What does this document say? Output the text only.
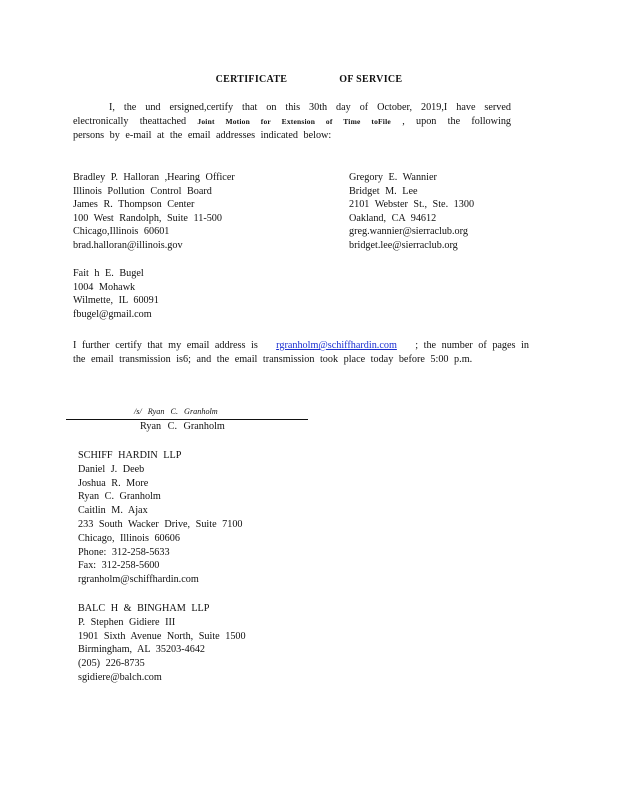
CERTIFICATE	OF SERVICE
I, the und ersigned,certify that on this 30th day of October, 2019,I have served
electronically theattached Joint Motion for Extension of Time toFile , upon the following
persons by e-mail at the email addresses indicated below:
Bradley P. Halloran ,Hearing Officer
Illinois Pollution Control Board
James R. Thompson Center
100 West Randolph, Suite 11-500
Chicago,Illinois 60601
brad.halloran@illinois.gov
Gregory E. Wannier
Bridget M. Lee
2101 Webster St., Ste. 1300
Oakland, CA 94612
greg.wannier@sierraclub.org
bridget.lee@sierraclub.org
Fait h E. Bugel
1004 Mohawk
Wilmette, IL 60091
fbugel@gmail.com
I further certify that my email address is rgranholm@schiffhardin.com ; the number of pages in
the email transmission is6; and the email transmission took place today before 5:00 p.m.
/s/ Ryan C. Granholm
Ryan C. Granholm
SCHIFF HARDIN LLP
Daniel J. Deeb
Joshua R. More
Ryan C. Granholm
Caitlin M. Ajax
233 South Wacker Drive, Suite 7100
Chicago, Illinois 60606
Phone: 312-258-5633
Fax: 312-258-5600
rgranholm@schiffhardin.com
BALC H & BINGHAM LLP
P. Stephen Gidiere III
1901 Sixth Avenue North, Suite 1500
Birmingham, AL 35203-4642
(205) 226-8735
sgidiere@balch.com
